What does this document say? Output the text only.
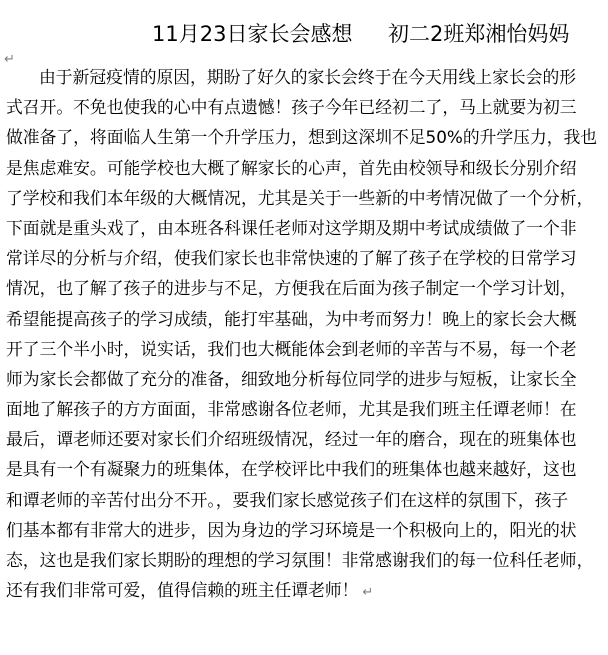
11月23日家长会感想 初二2班郑湘怡妈妈
↵
由于新冠疫情的原因，期盼了好久的家长会终于在今天用线上家长会的形
式召开。不免也使我的心中有点遗憾！孩子今年已经初二了，马上就要为初三
做准备了，将面临人生第一个升学压力，想到这深圳不足50%的升学压力，我也
是焦虑难安。可能学校也大概了解家长的心声，首先由校领导和级长分别介绍
了学校和我们本年级的大概情况，尤其是关于一些新的中考情况做了一个分析，
下面就是重头戏了，由本班各科课任老师对这学期及期中考试成绩做了一个非
常详尽的分析与介绍，使我们家长也非常快速的了解了孩子在学校的日常学习
情况，也了解了孩子的进步与不足，方便我在后面为孩子制定一个学习计划，
希望能提高孩子的学习成绩，能打牢基础，为中考而努力！晚上的家长会大概
开了三个半小时，说实话，我们也大概能体会到老师的辛苦与不易，每一个老
师为家长会都做了充分的准备，细致地分析每位同学的进步与短板，让家长全
面地了解孩子的方方面面，非常感谢各位老师，尤其是我们班主任谭老师！在
最后，谭老师还要对家长们介绍班级情况，经过一年的磨合，现在的班集体也
是具有一个有凝聚力的班集体，在学校评比中我们的班集体也越来越好，这也
和谭老师的辛苦付出分不开。，要我们家长感觉孩子们在这样的氛围下，孩子
们基本都有非常大的进步，因为身边的学习环境是一个积极向上的，阳光的状
态，这也是我们家长期盼的理想的学习氛围！非常感谢我们的每一位科任老师，
还有我们非常可爱，值得信赖的班主任谭老师！ ↵
